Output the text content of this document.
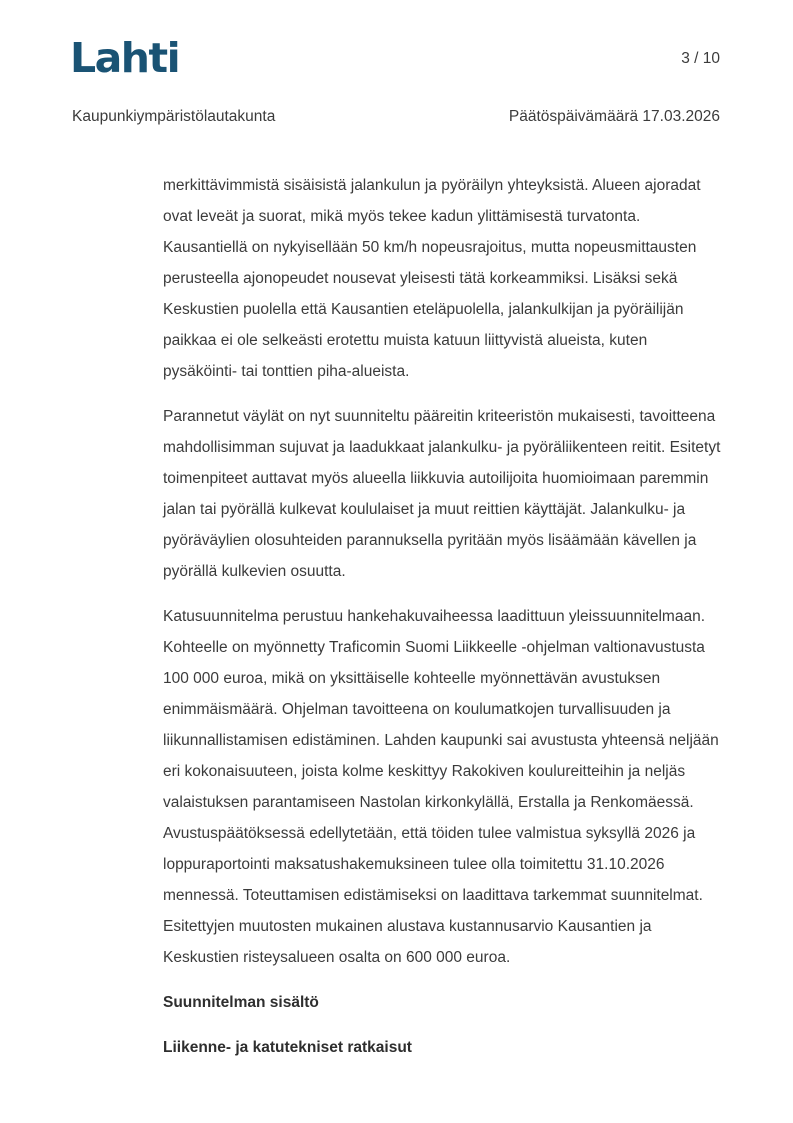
Lahti	3 / 10
Kaupunkiympäristölautakunta	Päätöspäivämäärä 17.03.2026

merkittävimmistä sisäisistä jalankulun ja pyöräilyn yhteyksistä. Alueen ajoradat ovat leveät ja suorat, mikä myös tekee kadun ylittämisestä turvatonta. Kausantiellä on nykyisellään 50 km/h nopeusrajoitus, mutta nopeusmittausten perusteella ajonopeudet nousevat yleisesti tätä korkeammiksi. Lisäksi sekä Keskustien puolella että Kausantien eteläpuolella, jalankulkijan ja pyöräilijän paikkaa ei ole selkeästi erotettu muista katuun liittyvistä alueista, kuten pysäköinti- tai tonttien piha-alueista.

Parannetut väylät on nyt suunniteltu pääreitin kriteeristön mukaisesti, tavoitteena mahdollisimman sujuvat ja laadukkaat jalankulku- ja pyöräliikenteen reitit. Esitetyt toimenpiteet auttavat myös alueella liikkuvia autoilijoita huomioimaan paremmin jalan tai pyörällä kulkevat koululaiset ja muut reittien käyttäjät. Jalankulku- ja pyöräväylien olosuhteiden parannuksella pyritään myös lisäämään kävellen ja pyörällä kulkevien osuutta.

Katusuunnitelma perustuu hankehakuvaiheessa laadittuun yleissuunnitelmaan. Kohteelle on myönnetty Traficomin Suomi Liikkeelle -ohjelman valtionavustusta 100 000 euroa, mikä on yksittäiselle kohteelle myönnettävän avustuksen enimmäismäärä. Ohjelman tavoitteena on koulumatkojen turvallisuuden ja liikunnallistamisen edistäminen. Lahden kaupunki sai avustusta yhteensä neljään eri kokonaisuuteen, joista kolme keskittyy Rakokiven koulureitteihin ja neljäs valaistuksen parantamiseen Nastolan kirkonkylällä, Erstalla ja Renkomäessä. Avustuspäätöksessä edellytetään, että töiden tulee valmistua syksyllä 2026 ja loppuraportointi maksatushakemuksineen tulee olla toimitettu 31.10.2026 mennessä. Toteuttamisen edistämiseksi on laadittava tarkemmat suunnitelmat. Esitettyjen muutosten mukainen alustava kustannusarvio Kausantien ja Keskustien risteysalueen osalta on 600 000 euroa.

Suunnitelman sisältö

Liikenne- ja katutekniset ratkaisut
